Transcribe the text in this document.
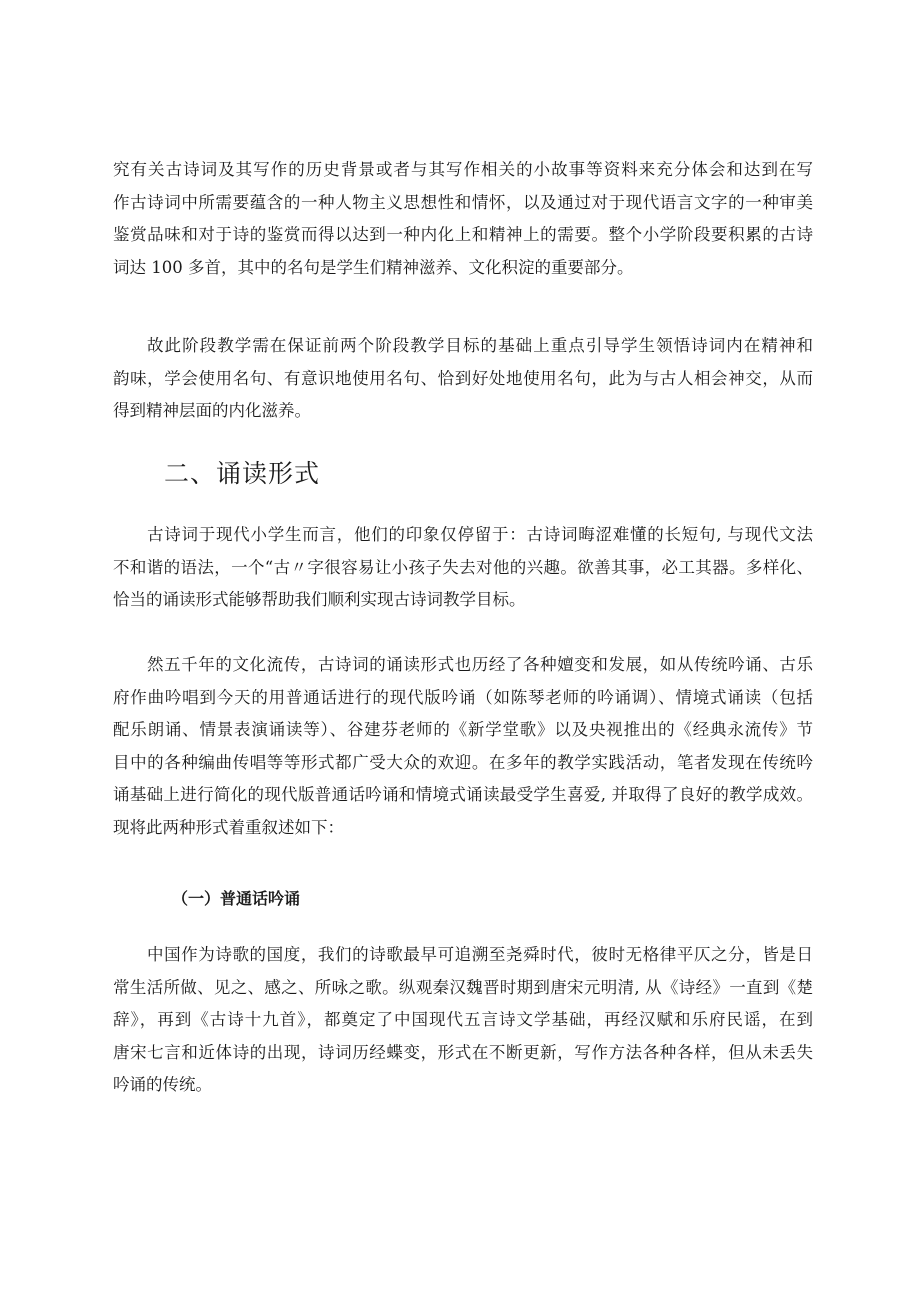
究有关古诗词及其写作的历史背景或者与其写作相关的小故事等资料来充分体会和达到在写
作古诗词中所需要蕴含的一种人物主义思想性和情怀，以及通过对于现代语言文字的一种审美
鉴赏品味和对于诗的鉴赏而得以达到一种内化上和精神上的需要。整个小学阶段要积累的古诗
词达 100 多首，其中的名句是学生们精神滋养、文化积淀的重要部分。
故此阶段教学需在保证前两个阶段教学目标的基础上重点引导学生领悟诗词内在精神和
韵味，学会使用名句、有意识地使用名句、恰到好处地使用名句，此为与古人相会神交，从而
得到精神层面的内化滋养。
二、诵读形式
古诗词于现代小学生而言，他们的印象仅停留于：古诗词晦涩难懂的长短句, 与现代文法
不和谐的语法，一个“古〃字很容易让小孩子失去对他的兴趣。欲善其事，必工其器。多样化、
恰当的诵读形式能够帮助我们顺利实现古诗词教学目标。
然五千年的文化流传，古诗词的诵读形式也历经了各种嬗变和发展，如从传统吟诵、古乐
府作曲吟唱到今天的用普通话进行的现代版吟诵（如陈琴老师的吟诵调）、情境式诵读（包括
配乐朗诵、情景表演诵读等）、谷建芬老师的《新学堂歌》以及央视推出的《经典永流传》节
目中的各种编曲传唱等等形式都广受大众的欢迎。在多年的教学实践活动，笔者发现在传统吟
诵基础上进行简化的现代版普通话吟诵和情境式诵读最受学生喜爱, 并取得了良好的教学成效。
现将此两种形式着重叙述如下：
（一）普通话吟诵
中国作为诗歌的国度，我们的诗歌最早可追溯至尧舜时代，彼时无格律平仄之分，皆是日
常生活所做、见之、感之、所咏之歌。纵观秦汉魏晋时期到唐宋元明清, 从《诗经》一直到《楚
辞》，再到《古诗十九首》，都奠定了中国现代五言诗文学基础，再经汉赋和乐府民谣，在到
唐宋七言和近体诗的出现，诗词历经蝶变，形式在不断更新，写作方法各种各样，但从未丢失
吟诵的传统。
